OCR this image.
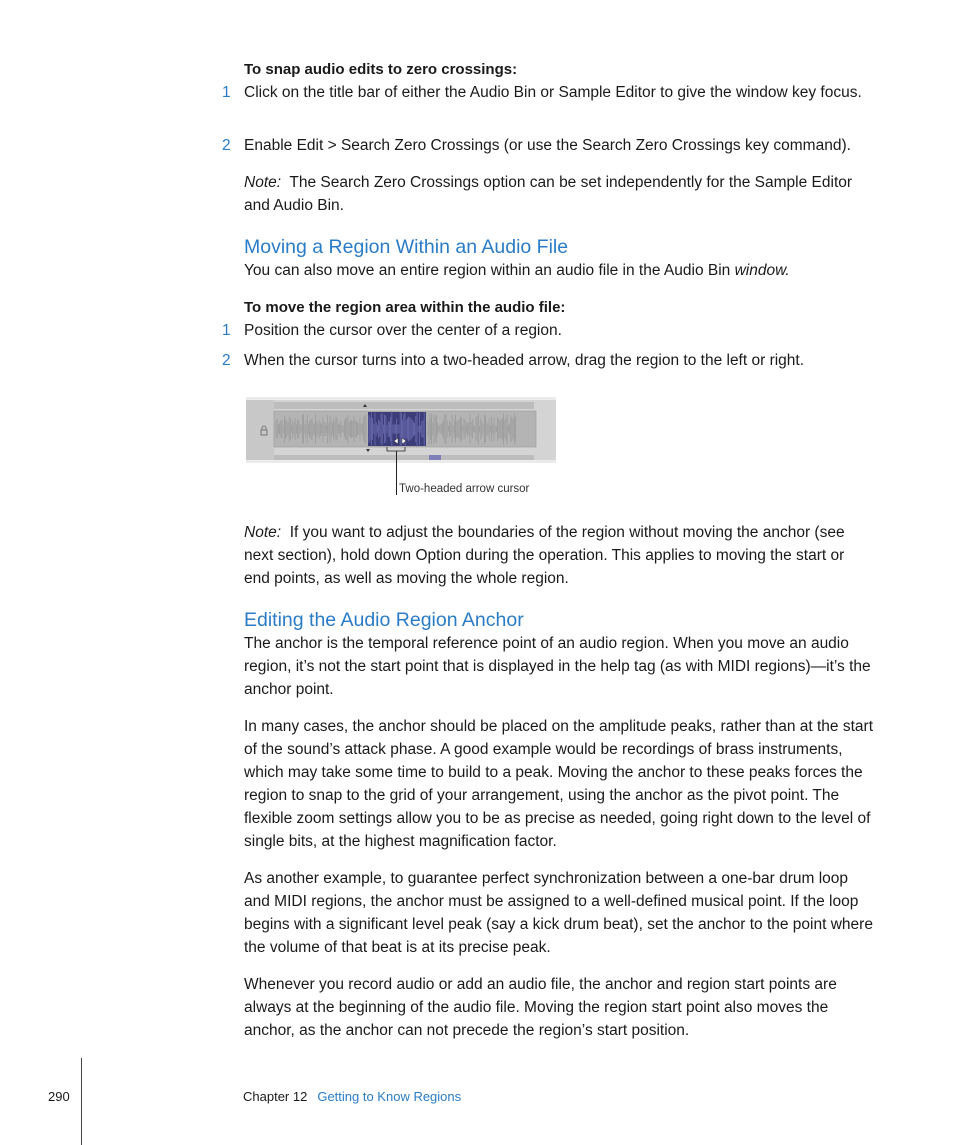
To snap audio edits to zero crossings:

1 Click on the title bar of either the Audio Bin or Sample Editor to give the window key focus.

2 Enable Edit > Search Zero Crossings (or use the Search Zero Crossings key command).

Note: The Search Zero Crossings option can be set independently for the Sample Editor and Audio Bin.

Moving a Region Within an Audio File

You can also move an entire region within an audio file in the Audio Bin window.

To move the region area within the audio file:

1 Position the cursor over the center of a region.

2 When the cursor turns into a two-headed arrow, drag the region to the left or right.

Two-headed arrow cursor

Note: If you want to adjust the boundaries of the region without moving the anchor (see next section), hold down Option during the operation. This applies to moving the start or end points, as well as moving the whole region.

Editing the Audio Region Anchor

The anchor is the temporal reference point of an audio region. When you move an audio region, it’s not the start point that is displayed in the help tag (as with MIDI regions)—it’s the anchor point.

In many cases, the anchor should be placed on the amplitude peaks, rather than at the start of the sound’s attack phase. A good example would be recordings of brass instruments, which may take some time to build to a peak. Moving the anchor to these peaks forces the region to snap to the grid of your arrangement, using the anchor as the pivot point. The flexible zoom settings allow you to be as precise as needed, going right down to the level of single bits, at the highest magnification factor.

As another example, to guarantee perfect synchronization between a one-bar drum loop and MIDI regions, the anchor must be assigned to a well-defined musical point. If the loop begins with a significant level peak (say a kick drum beat), set the anchor to the point where the volume of that beat is at its precise peak.

Whenever you record audio or add an audio file, the anchor and region start points are always at the beginning of the audio file. Moving the region start point also moves the anchor, as the anchor can not precede the region’s start position.

290	Chapter 12 Getting to Know Regions
